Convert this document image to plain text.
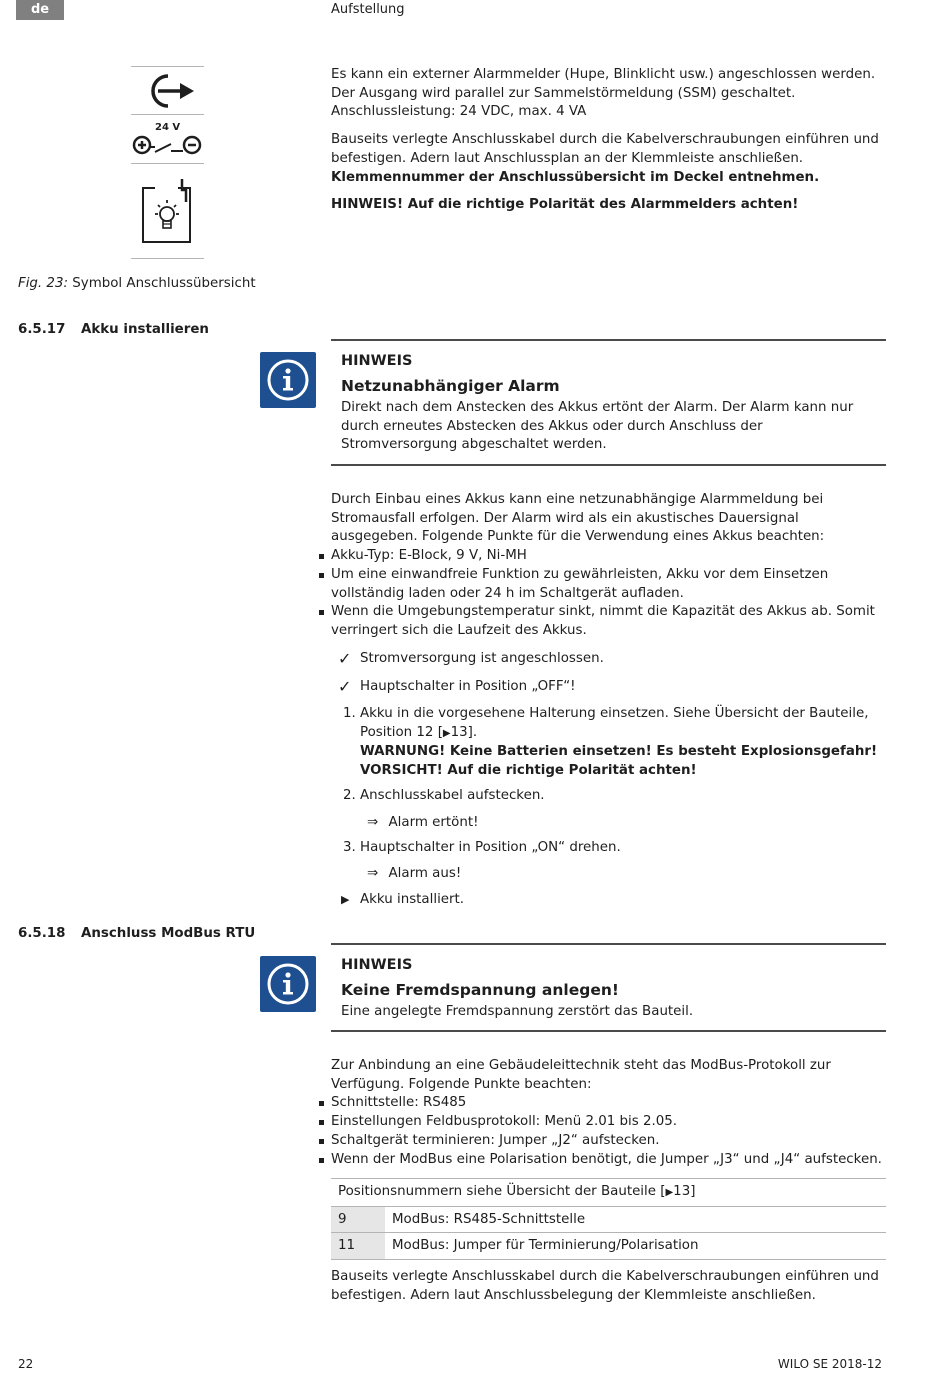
de	Aufstellung
24 V

Es kann ein externer Alarmmelder (Hupe, Blinklicht usw.) angeschlossen werden. Der Ausgang wird parallel zur Sammelstörmeldung (SSM) geschaltet. Anschlussleistung: 24 VDC, max. 4 VA

Bauseits verlegte Anschlusskabel durch die Kabelverschraubungen einführen und befestigen. Adern laut Anschlussplan an der Klemmleiste anschließen. Klemmennummer der Anschlussübersicht im Deckel entnehmen.

HINWEIS! Auf die richtige Polarität des Alarmmelders achten!

Fig. 23: Symbol Anschlussübersicht
6.5.17 Akku installieren
HINWEIS
Netzunabhängiger Alarm
Direkt nach dem Anstecken des Akkus ertönt der Alarm. Der Alarm kann nur durch erneutes Abstecken des Akkus oder durch Anschluss der Stromversorgung abgeschaltet werden.

Durch Einbau eines Akkus kann eine netzunabhängige Alarmmeldung bei Stromausfall erfolgen. Der Alarm wird als ein akustisches Dauersignal ausgegeben. Folgende Punkte für die Verwendung eines Akkus beachten:

Akku-Typ: E-Block, 9 V, Ni-MH
Um eine einwandfreie Funktion zu gewährleisten, Akku vor dem Einsetzen vollständig laden oder 24 h im Schaltgerät aufladen.
Wenn die Umgebungstemperatur sinkt, nimmt die Kapazität des Akkus ab. Somit verringert sich die Laufzeit des Akkus.
✓ Stromversorgung ist angeschlossen.
✓ Hauptschalter in Position „OFF“!
1. Akku in die vorgesehene Halterung einsetzen. Siehe Übersicht der Bauteile, Position 12 [▶13].
WARNUNG! Keine Batterien einsetzen! Es besteht Explosionsgefahr!
VORSICHT! Auf die richtige Polarität achten!
2. Anschlusskabel aufstecken.
⇒ Alarm ertönt!
3. Hauptschalter in Position „ON“ drehen.
⇒ Alarm aus!
▶ Akku installiert.
6.5.18 Anschluss ModBus RTU
HINWEIS
Keine Fremdspannung anlegen!
Eine angelegte Fremdspannung zerstört das Bauteil.

Zur Anbindung an eine Gebäudeleittechnik steht das ModBus-Protokoll zur Verfügung. Folgende Punkte beachten:

Schnittstelle: RS485
Einstellungen Feldbusprotokoll: Menü 2.01 bis 2.05.
Schaltgerät terminieren: Jumper „J2“ aufstecken.
Wenn der ModBus eine Polarisation benötigt, die Jumper „J3“ und „J4“ aufstecken.
Positionsnummern siehe Übersicht der Bauteile [▶13]	
9	ModBus: RS485-Schnittstelle
11	ModBus: Jumper für Terminierung/Polarisation
Bauseits verlegte Anschlusskabel durch die Kabelverschraubungen einführen und befestigen. Adern laut Anschlussbelegung der Klemmleiste anschließen.
22	WILO SE 2018-12
